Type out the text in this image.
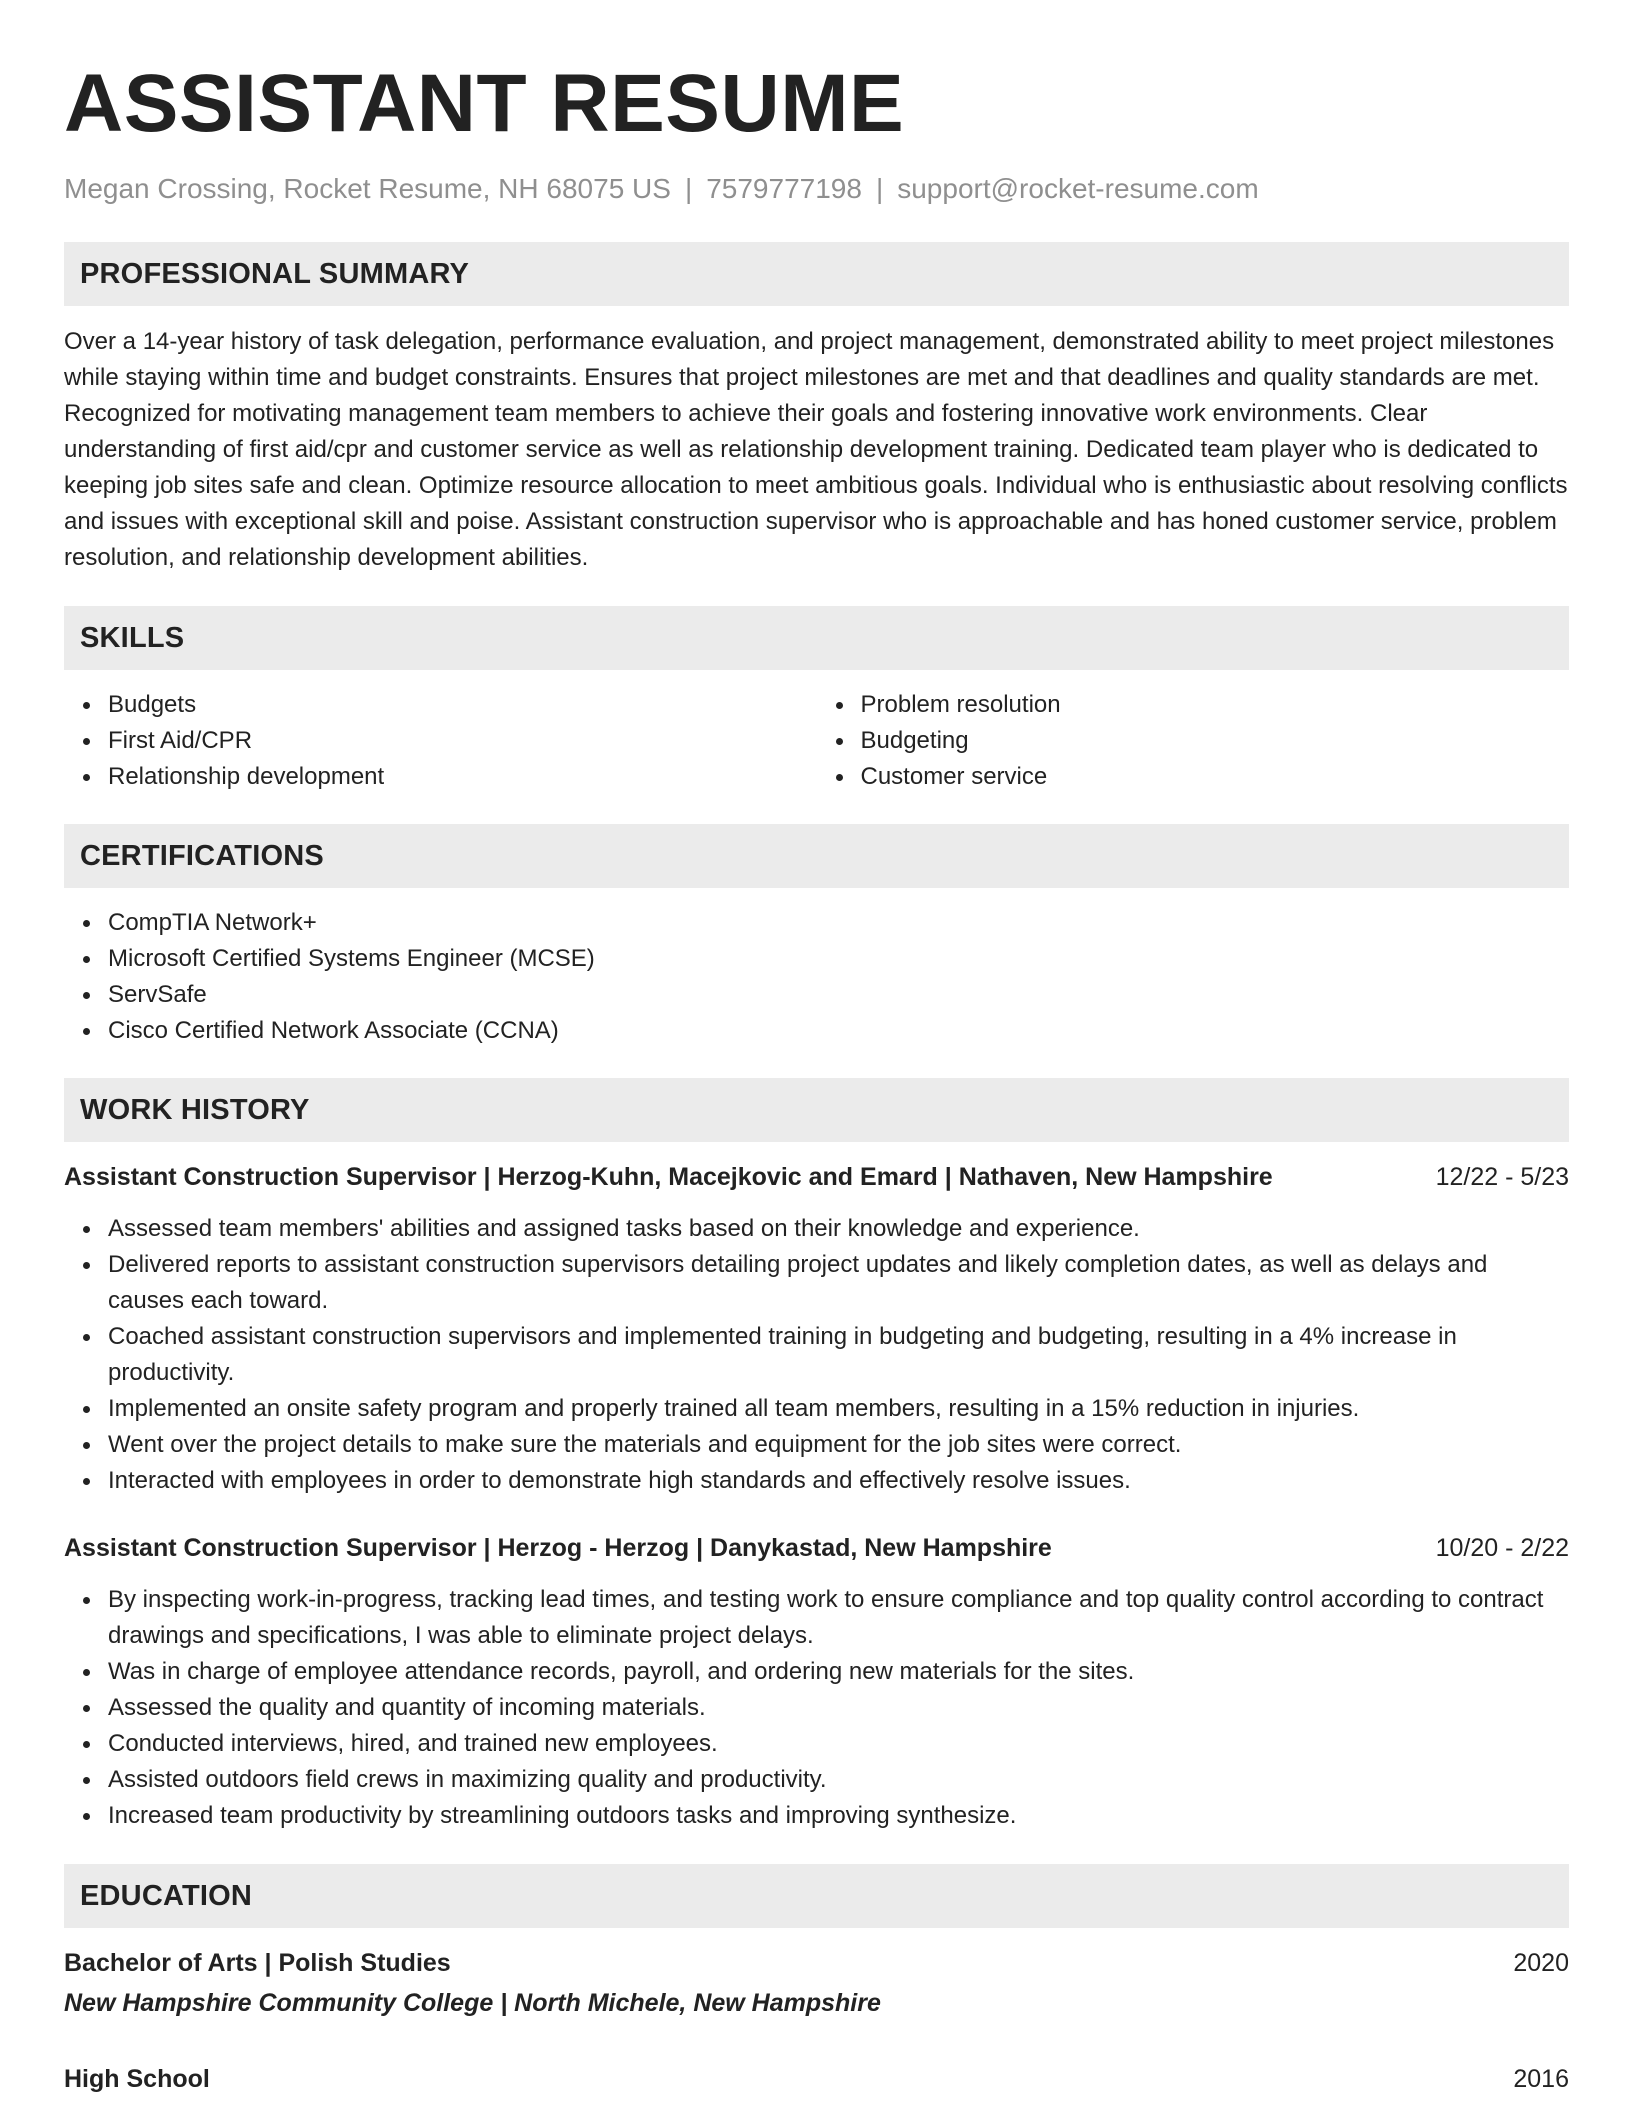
ASSISTANT RESUME
Megan Crossing, Rocket Resume, NH 68075 US | 7579777198 | support@rocket-resume.com
PROFESSIONAL SUMMARY
Over a 14-year history of task delegation, performance evaluation, and project management, demonstrated ability to meet project milestones while staying within time and budget constraints. Ensures that project milestones are met and that deadlines and quality standards are met. Recognized for motivating management team members to achieve their goals and fostering innovative work environments. Clear understanding of first aid/cpr and customer service as well as relationship development training. Dedicated team player who is dedicated to keeping job sites safe and clean. Optimize resource allocation to meet ambitious goals. Individual who is enthusiastic about resolving conflicts and issues with exceptional skill and poise. Assistant construction supervisor who is approachable and has honed customer service, problem resolution, and relationship development abilities.
SKILLS
Budgets
First Aid/CPR
Relationship development
Problem resolution
Budgeting
Customer service
CERTIFICATIONS
CompTIA Network+
Microsoft Certified Systems Engineer (MCSE)
ServSafe
Cisco Certified Network Associate (CCNA)
WORK HISTORY
Assistant Construction Supervisor | Herzog-Kuhn, Macejkovic and Emard | Nathaven, New Hampshire	12/22 - 5/23
Assessed team members' abilities and assigned tasks based on their knowledge and experience.
Delivered reports to assistant construction supervisors detailing project updates and likely completion dates, as well as delays and causes each toward.
Coached assistant construction supervisors and implemented training in budgeting and budgeting, resulting in a 4% increase in productivity.
Implemented an onsite safety program and properly trained all team members, resulting in a 15% reduction in injuries.
Went over the project details to make sure the materials and equipment for the job sites were correct.
Interacted with employees in order to demonstrate high standards and effectively resolve issues.
Assistant Construction Supervisor | Herzog - Herzog | Danykastad, New Hampshire	10/20 - 2/22
By inspecting work-in-progress, tracking lead times, and testing work to ensure compliance and top quality control according to contract drawings and specifications, I was able to eliminate project delays.
Was in charge of employee attendance records, payroll, and ordering new materials for the sites.
Assessed the quality and quantity of incoming materials.
Conducted interviews, hired, and trained new employees.
Assisted outdoors field crews in maximizing quality and productivity.
Increased team productivity by streamlining outdoors tasks and improving synthesize.
EDUCATION
Bachelor of Arts | Polish Studies	2020
New Hampshire Community College | North Michele, New Hampshire
High School	2016
